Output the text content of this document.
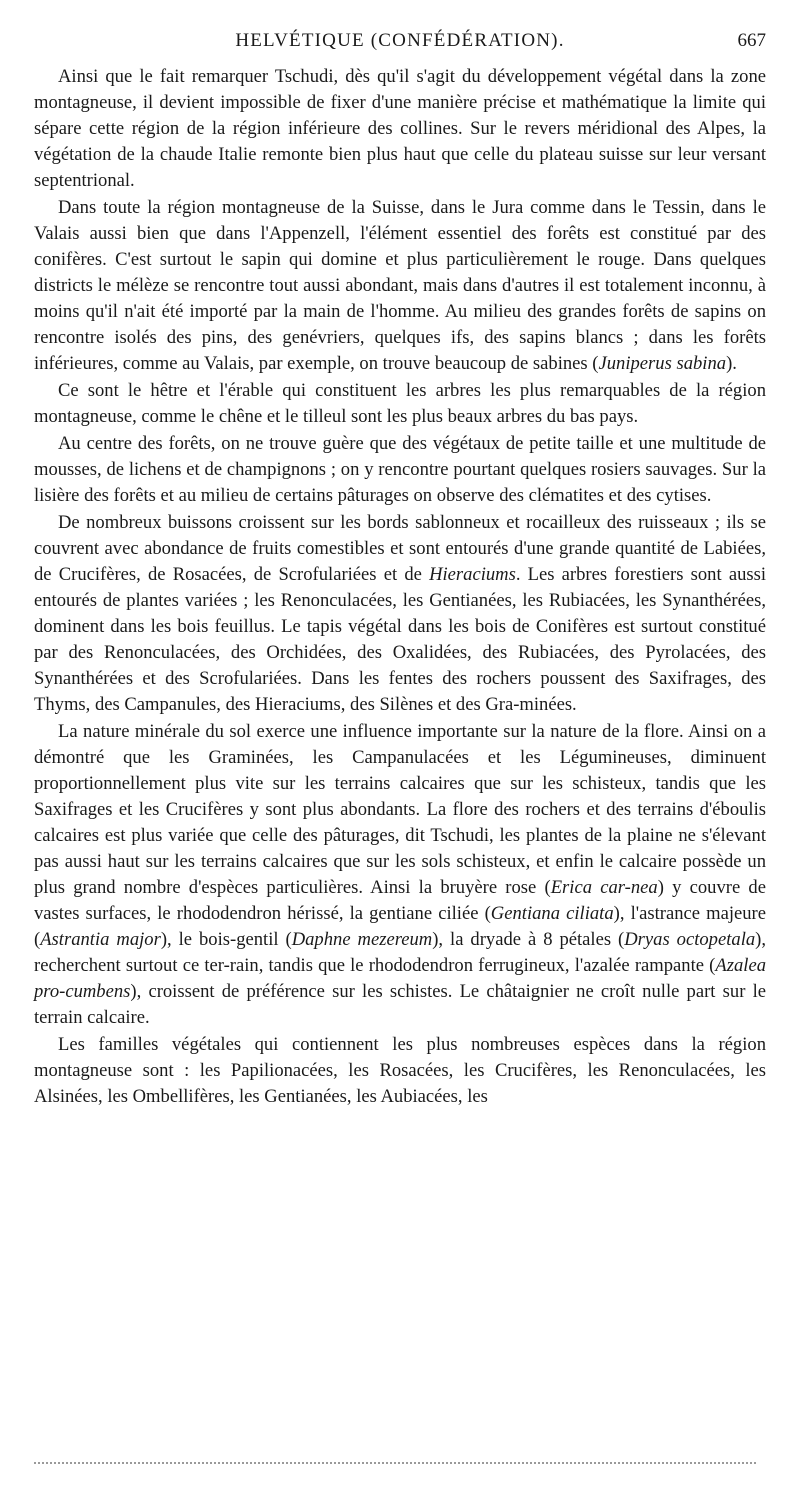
HELVÉTIQUE (CONFÉDÉRATION).	667

Ainsi que le fait remarquer Tschudi, dès qu'il s'agit du développement végétal dans la zone montagneuse, il devient impossible de fixer d'une manière précise et mathématique la limite qui sépare cette région de la région inférieure des collines. Sur le revers méridional des Alpes, la végétation de la chaude Italie remonte bien plus haut que celle du plateau suisse sur leur versant septentrional.

Dans toute la région montagneuse de la Suisse, dans le Jura comme dans le Tessin, dans le Valais aussi bien que dans l'Appenzell, l'élément essentiel des forêts est constitué par des conifères. C'est surtout le sapin qui domine et plus particulièrement le rouge. Dans quelques districts le mélèze se rencontre tout aussi abondant, mais dans d'autres il est totalement inconnu, à moins qu'il n'ait été importé par la main de l'homme. Au milieu des grandes forêts de sapins on rencontre isolés des pins, des genévriers, quelques ifs, des sapins blancs ; dans les forêts inférieures, comme au Valais, par exemple, on trouve beaucoup de sabines (Juniperus sabina).

Ce sont le hêtre et l'érable qui constituent les arbres les plus remarquables de la région montagneuse, comme le chêne et le tilleul sont les plus beaux arbres du bas pays.

Au centre des forêts, on ne trouve guère que des végétaux de petite taille et une multitude de mousses, de lichens et de champignons ; on y rencontre pourtant quelques rosiers sauvages. Sur la lisière des forêts et au milieu de certains pâturages on observe des clématites et des cytises.

De nombreux buissons croissent sur les bords sablonneux et rocailleux des ruisseaux ; ils se couvrent avec abondance de fruits comestibles et sont entourés d'une grande quantité de Labiées, de Crucifères, de Rosacées, de Scrofulariées et de Hieraciums. Les arbres forestiers sont aussi entourés de plantes variées ; les Renonculacées, les Gentianées, les Rubiacées, les Synanthérées, dominent dans les bois feuillus. Le tapis végétal dans les bois de Conifères est surtout constitué par des Renonculacées, des Orchidées, des Oxalidées, des Rubiacées, des Pyrolacées, des Synanthérées et des Scrofulariées. Dans les fentes des rochers poussent des Saxifrages, des Thyms, des Campanules, des Hieraciums, des Silènes et des Gra-minées.

La nature minérale du sol exerce une influence importante sur la nature de la flore. Ainsi on a démontré que les Graminées, les Campanulacées et les Légumineuses, diminuent proportionnellement plus vite sur les terrains calcaires que sur les schisteux, tandis que les Saxifrages et les Crucifères y sont plus abondants. La flore des rochers et des terrains d'éboulis calcaires est plus variée que celle des pâturages, dit Tschudi, les plantes de la plaine ne s'élevant pas aussi haut sur les terrains calcaires que sur les sols schisteux, et enfin le calcaire possède un plus grand nombre d'espèces particulières. Ainsi la bruyère rose (Erica car-nea) y couvre de vastes surfaces, le rhododendron hérissé, la gentiane ciliée (Gentiana ciliata), l'astrance majeure (Astrantia major), le bois-gentil (Daphne mezereum), la dryade à 8 pétales (Dryas octopetala), recherchent surtout ce ter-rain, tandis que le rhododendron ferrugineux, l'azalée rampante (Azalea pro-cumbens), croissent de préférence sur les schistes. Le châtaignier ne croît nulle part sur le terrain calcaire.

Les familles végétales qui contiennent les plus nombreuses espèces dans la région montagneuse sont : les Papilionacées, les Rosacées, les Crucifères, les Renonculacées, les Alsinées, les Ombellifères, les Gentianées, les Aubiacées, les
